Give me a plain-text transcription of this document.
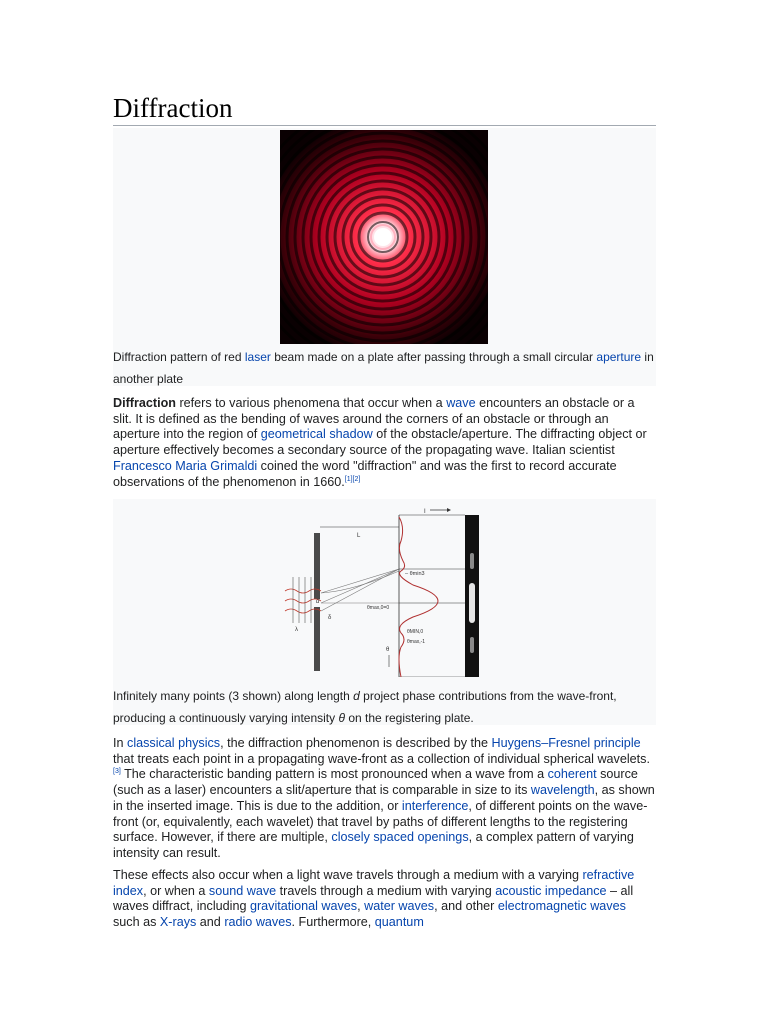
Diffraction

Diffraction pattern of red laser beam made on a plate after passing through a small circular aperture in another plate

Diffraction refers to various phenomena that occur when a wave encounters an obstacle or a slit. It is defined as the bending of waves around the corners of an obstacle or through an aperture into the region of geometrical shadow of the obstacle/aperture. The diffracting object or aperture effectively becomes a secondary source of the propagating wave. Italian scientist Francesco Maria Grimaldi coined the word "diffraction" and was the first to record accurate observations of the phenomenon in 1660.[1][2]

L
I
– θmin3
θmax,0=0
θMIN,0
θmax,-1
θ
d
δ
λ

Infinitely many points (3 shown) along length d project phase contributions from the wave-front, producing a continuously varying intensity θ on the registering plate.

In classical physics, the diffraction phenomenon is described by the Huygens–Fresnel principle that treats each point in a propagating wave-front as a collection of individual spherical wavelets.[3] The characteristic banding pattern is most pronounced when a wave from a coherent source (such as a laser) encounters a slit/aperture that is comparable in size to its wavelength, as shown in the inserted image. This is due to the addition, or interference, of different points on the wave-front (or, equivalently, each wavelet) that travel by paths of different lengths to the registering surface. However, if there are multiple, closely spaced openings, a complex pattern of varying intensity can result.

These effects also occur when a light wave travels through a medium with a varying refractive index, or when a sound wave travels through a medium with varying acoustic impedance – all waves diffract, including gravitational waves, water waves, and other electromagnetic waves such as X-rays and radio waves. Furthermore, quantum
